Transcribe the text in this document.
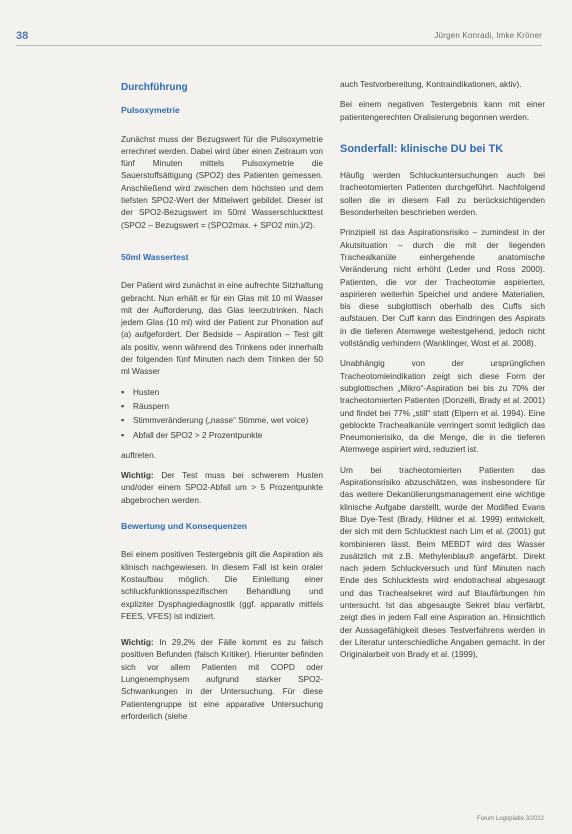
38	Jürgen Konradi, Imke Kröner
Durchführung
Pulsoxymetrie

Zunächst muss der Bezugswert für die Pulsoxymetrie errechnet werden. Dabei wird über einen Zeitraum von fünf Minuten mittels Pulsoxymetrie die Sauerstoffsättigung (SPO2) des Patienten gemessen. Anschließend wird zwischen dem höchsten und dem tiefsten SPO2-Wert der Mittelwert gebildet. Dieser ist der SPO2-Bezugswert im 50ml Wasserschluckttest (SPO2 – Bezugswert = (SPO2max. + SPO2 min.)/2).

50ml Wassertest

Der Patient wird zunächst in eine aufrechte Sitzhaltung gebracht. Nun erhält er für ein Glas mit 10 ml Wasser mit der Aufforderung, das Glas leerzutrinken. Nach jedem Glas (10 ml) wird der Patient zur Phonation auf (a) aufgefordert. Der Bedside – Aspiration – Test gilt als positiv, wenn während des Trinkens oder innerhalb der folgenden fünf Minuten nach dem Trinken der 50 ml Wasser

▪ Husten
▪ Räuspern
▪ Stimmveränderung („nasse“ Stimme, wet voice)
▪ Abfall der SPO2 > 2 Prozentpunkte

auftreten.

Wichtig: Der Test muss bei schwerem Husten und/oder einem SPO2-Abfall um > 5 Prozentpunkte abgebrochen werden.

Bewertung und Konsequenzen

Bei einem positiven Testergebnis gilt die Aspiration als klinisch nachgewiesen. In diesem Fall ist kein oraler Kostaufbau möglich. Die Einleitung einer schluckfunktionsspezifischen Behandlung und expliziter Dysphagiediagnostik (ggf. apparativ mittels FEES, VFES) ist indiziert.

Wichtig: In 29,2% der Fälle kommt es zu falsch positiven Befunden (falsch Kritiker). Hierunter befinden sich vor allem Patienten mit COPD oder Lungenemphysem aufgrund starker SPO2-Schwankungen in der Untersuchung. Für diese Patientengruppe ist eine apparative Untersuchung erforderlich (siehe

auch Testvorbereitung, Kontraindikationen, aktiv).

Bei einem negativen Testergebnis kann mit einer patientengerechten Oralisierung begonnen werden.

Sonderfall: klinische DU bei TK

Häufig werden Schluckuntersuchungen auch bei tracheotomierten Patienten durchgeführt. Nachfolgend sollen die in diesem Fall zu berücksichtigenden Besonderheiten beschrieben werden.

Prinzipiell ist das Aspirationsrisiko – zumindest in der Akutsituation – durch die mit der liegenden Trachealkanüle einhergehende anatomische Veränderung nicht erhöht (Leder und Ross 2000). Patienten, die vor der Tracheotomie aspirierten, aspirieren weiterhin Speichel und andere Materialien, bis diese subglottisch oberhalb des Cuffs sich aufstauen. Der Cuff kann das Eindringen des Aspirats in die tieferen Atemwege weitestgehend, jedoch nicht vollständig verhindern (Wanklinger, Wost et al. 2008).

Unabhängig von der ursprünglichen Tracheotomieindikation zeigt sich diese Form der subglottischen „Mikro“-Aspiration bei bis zu 70% der tracheotomierten Patienten (Donzelli, Brady et al. 2001) und findet bei 77% „still“ statt (Elpern et al. 1994). Eine geblockte Trachealkanüle verringert somit lediglich das Pneumonierisiko, da die Menge, die in die tieferen Atemwege aspiriert wird, reduziert ist.

Um bei tracheotomierten Patienten das Aspirationsrisiko abzuschätzen, was insbesondere für das weitere Dekanülierungsmanagement eine wichtige klinische Aufgabe darstellt, wurde der Modified Evans Blue Dye-Test (Brady, Hildner et al. 1999) entwickelt, der sich mit dem Schlucktest nach Lim et al. (2001) gut kombinieren lässt. Beim MEBDT wird das Wasser zusätzlich mit z.B. Methylenblau® angefärbt. Direkt nach jedem Schluckversuch und fünf Minuten nach Ende des Schlucktests wird endotracheal abgesaugt und das Trachealsekret wird auf Blaufärbungen hin untersucht. Ist das abgesaugte Sekret blau verfärbt, zeigt dies in jedem Fall eine Aspiration an. Hinsichtlich der Aussagefähigkeit dieses Testverfahrens werden in der Literatur unterschiedliche Angaben gemacht. In der Originalarbeit von Brady et al. (1999),

Forum Logopädie 3/2012
